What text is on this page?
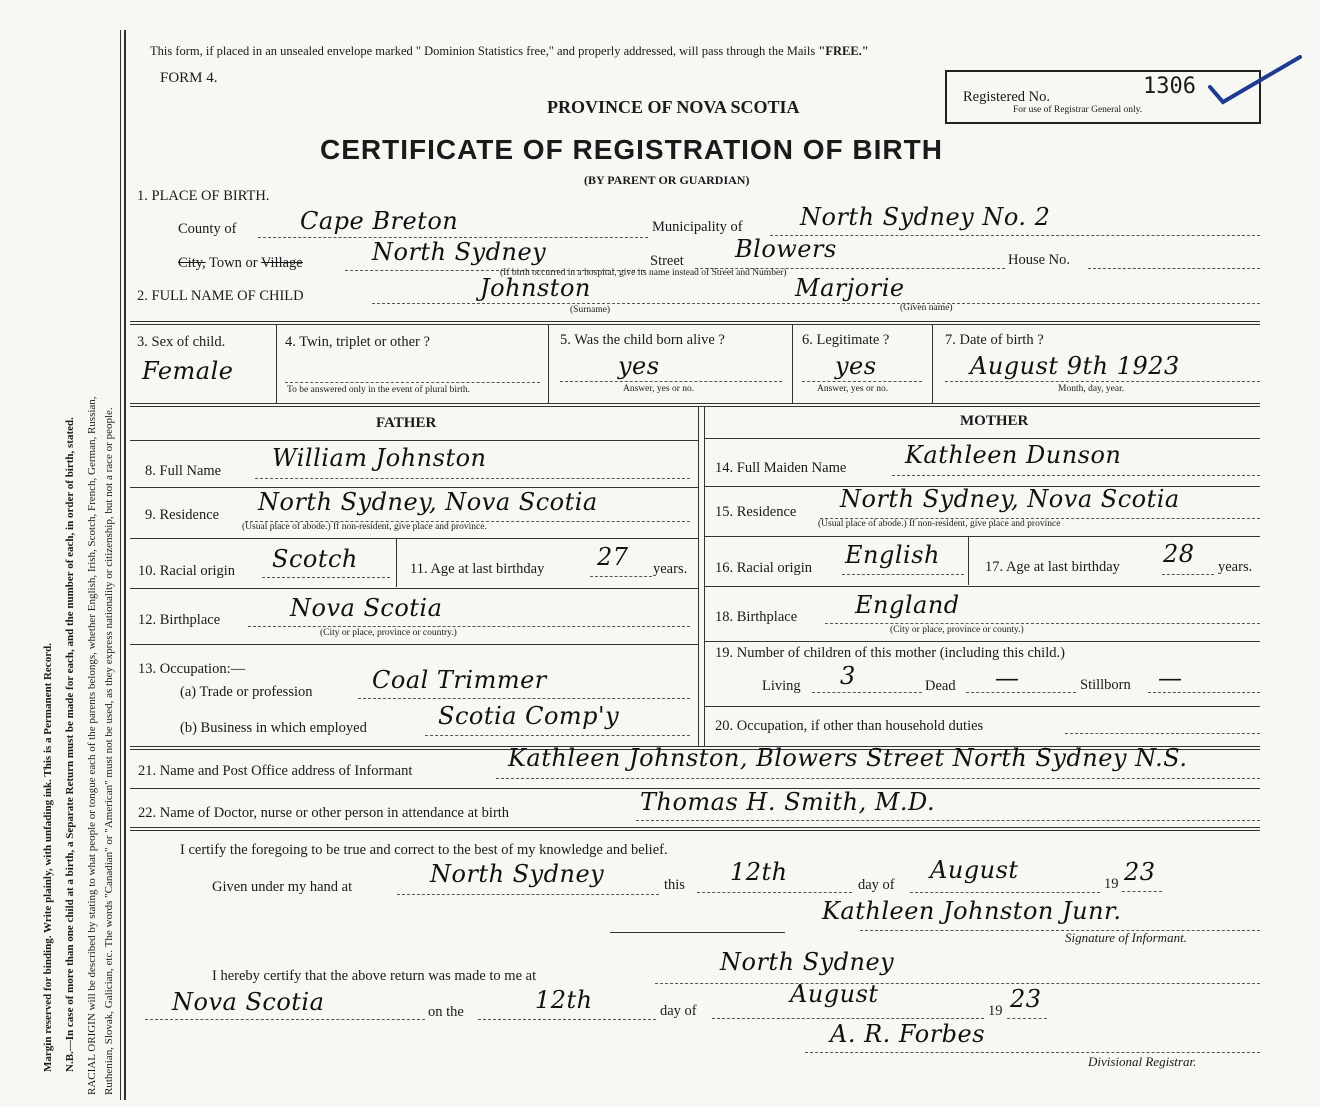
Margin reserved for binding. Write plainly, with unfading ink. This is a Permanent Record. N.B.—In case of more than one child at a birth, a Separate Return must be made for each, and the number of each, in order of birth, stated. RACIAL ORIGIN will be described by stating to what people or tongue each of the parents belongs, whether English, Irish, Scotch, French, German, Russian, Ruthenian, Slovak, Galician, etc. The words "Canadian" or "American" must not be used, as they express nationality or citizenship, but not a race or people.
This form, if placed in an unsealed envelope marked " Dominion Statistics free," and properly addressed, will pass through the Mails "FREE."
FORM 4.
PROVINCE OF NOVA SCOTIA
CERTIFICATE OF REGISTRATION OF BIRTH
(BY PARENT OR GUARDIAN)
Registered No.	1306
For use of Registrar General only.
1. PLACE OF BIRTH.
County of	Cape Breton	Municipality of North Sydney No. 2
City, Town or Village	North Sydney	Street Blowers	House No.
(If birth occurred in a hospital, give its name instead of Street and Number)
2. FULL NAME OF CHILD	Johnston	Marjorie
(Surname)	(Given name)
3. Sex of child.
Female
4. Twin, triplet or other ?
To be answered only in the event of plural birth.
5. Was the child born alive ?
yes
Answer, yes or no.
6. Legitimate ?
yes
Answer, yes or no.
7. Date of birth ?
August 9th 1923
Month, day, year.
FATHER	MOTHER
8. Full Name William Johnston
9. Residence North Sydney, Nova Scotia
(Usual place of abode.) If non-resident, give place and province.
10. Racial origin Scotch	11. Age at last birthday 27 years.
12. Birthplace	Nova Scotia
(City or place, province or country.)
13. Occupation:—
(a) Trade or profession Coal Trimmer
(b) Business in which employed	Scotia Comp'y
14. Full Maiden Name Kathleen Dunson
15. Residence North Sydney, Nova Scotia
(Usual place of abode.) If non-resident, give place and province
16. Racial origin English	17. Age at last birthday 28 years.
18. Birthplace England
(City or place, province or county.)
19. Number of children of this mother (including this child.)
Living 3	Dead —	Stillborn —
20. Occupation, if other than household duties
21. Name and Post Office address of Informant	Kathleen Johnston, Blowers Street North Sydney N.S.
22. Name of Doctor, nurse or other person in attendance at birth	Thomas H. Smith, M.D.
I certify the foregoing to be true and correct to the best of my knowledge and belief.
Given under my hand at	North Sydney	this 12th	day of
August	19 23
Kathleen Johnston Junr.
Signature of Informant.
I hereby certify that the above return was made to me at	North Sydney
Nova Scotia	on the	12th	day of
August
19 23
A. R. Forbes
Divisional Registrar.
